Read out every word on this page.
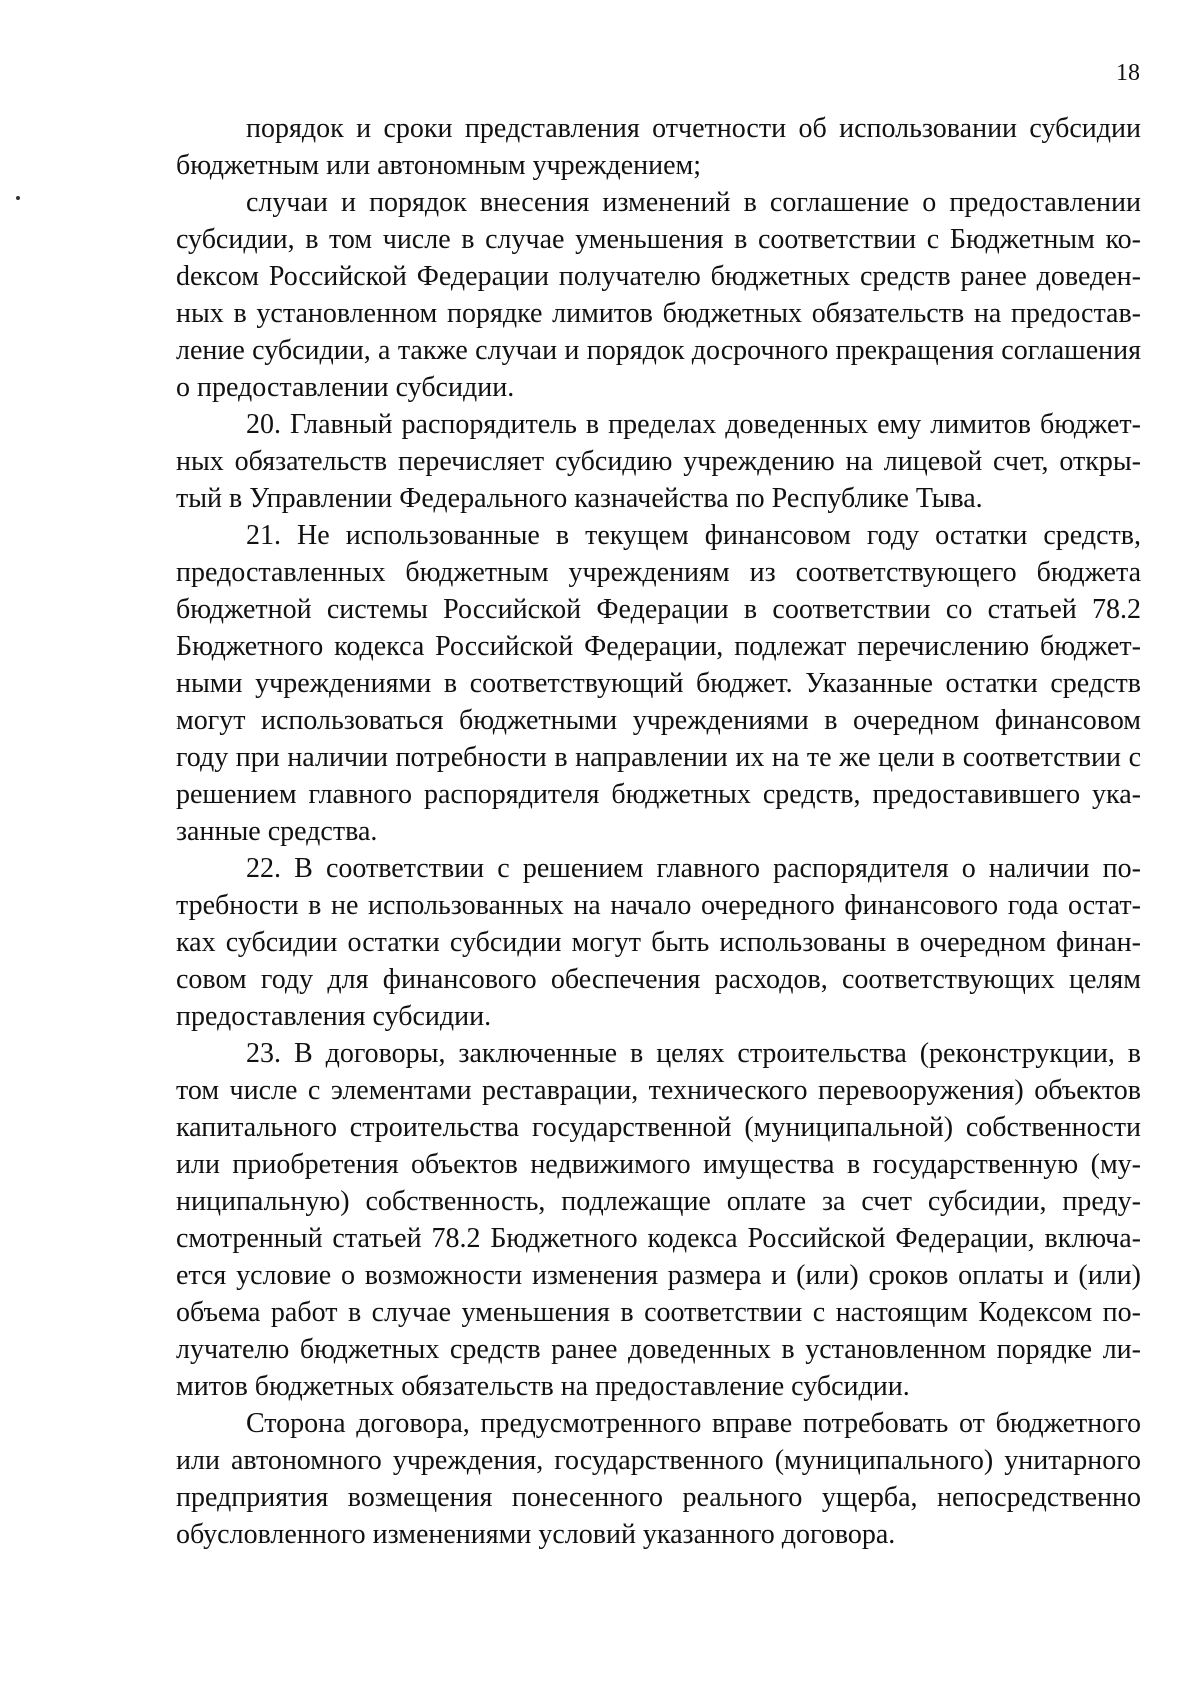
18

порядок и сроки представления отчетности об использовании субсидии бюджетным или автономным учреждением;

случаи и порядок внесения изменений в соглашение о предоставлении субсидии, в том числе в случае уменьшения в соответствии с Бюджетным коdексом Российской Федерации получателю бюджетных средств ранее доведенных в установленном порядке лимитов бюджетных обязательств на предоставление субсидии, а также случаи и порядок досрочного прекращения соглашения о предоставлении субсидии.

20. Главный распорядитель в пределах доведенных ему лимитов бюджетных обязательств перечисляет субсидию учреждению на лицевой счет, открытый в Управлении Федерального казначейства по Республике Тыва.

21. Не использованные в текущем финансовом году остатки средств, предоставленных бюджетным учреждениям из соответствующего бюджета бюджетной системы Российской Федерации в соответствии со статьей 78.2 Бюджетного кодекса Российской Федерации, подлежат перечислению бюджетными учреждениями в соответствующий бюджет. Указанные остатки средств могут использоваться бюджетными учреждениями в очередном финансовом году при наличии потребности в направлении их на те же цели в соответствии с решением главного распорядителя бюджетных средств, предоставившего указанные средства.

22. В соответствии с решением главного распорядителя о наличии потребности в не использованных на начало очередного финансового года остатках субсидии остатки субсидии могут быть использованы в очередном финансовом году для финансового обеспечения расходов, соответствующих целям предоставления субсидии.

23. В договоры, заключенные в целях строительства (реконструкции, в том числе с элементами реставрации, технического перевооружения) объектов капитального строительства государственной (муниципальной) собственности или приобретения объектов недвижимого имущества в государственную (муниципальную) собственность, подлежащие оплате за счет субсидии, предусмотренный статьей 78.2 Бюджетного кодекса Российской Федерации, включается условие о возможности изменения размера и (или) сроков оплаты и (или) объема работ в случае уменьшения в соответствии с настоящим Кодексом получателю бюджетных средств ранее доведенных в установленном порядке лимитов бюджетных обязательств на предоставление субсидии.

Сторона договора, предусмотренного вправе потребовать от бюджетного или автономного учреждения, государственного (муниципального) унитарного предприятия возмещения понесенного реального ущерба, непосредственно обусловленного изменениями условий указанного договора.
